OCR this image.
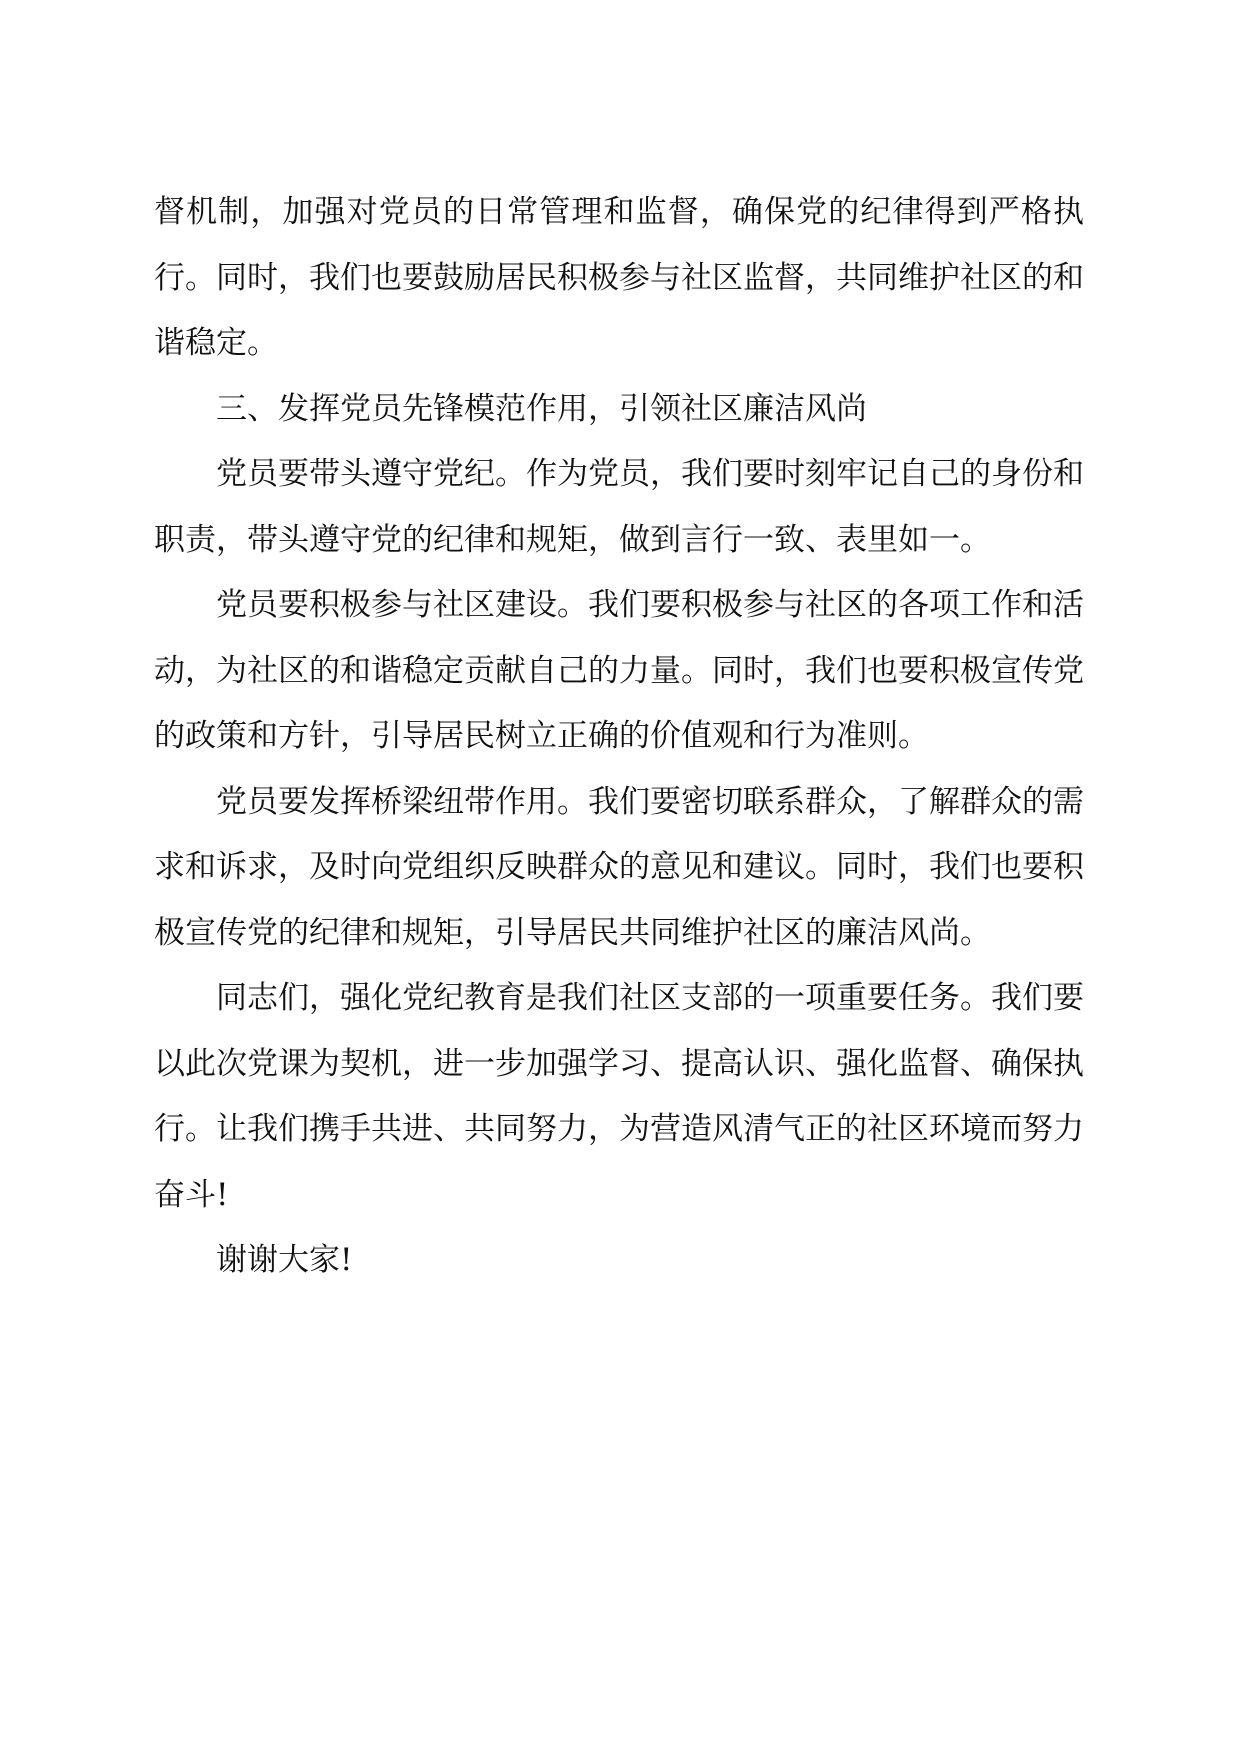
督机制，加强对党员的日常管理和监督，确保党的纪律得到严格执行。同时，我们也要鼓励居民积极参与社区监督，共同维护社区的和谐稳定。

三、发挥党员先锋模范作用，引领社区廉洁风尚

党员要带头遵守党纪。作为党员，我们要时刻牢记自己的身份和职责，带头遵守党的纪律和规矩，做到言行一致、表里如一。

党员要积极参与社区建设。我们要积极参与社区的各项工作和活动，为社区的和谐稳定贡献自己的力量。同时，我们也要积极宣传党的政策和方针，引导居民树立正确的价值观和行为准则。

党员要发挥桥梁纽带作用。我们要密切联系群众，了解群众的需求和诉求，及时向党组织反映群众的意见和建议。同时，我们也要积极宣传党的纪律和规矩，引导居民共同维护社区的廉洁风尚。

同志们，强化党纪教育是我们社区支部的一项重要任务。我们要以此次党课为契机，进一步加强学习、提高认识、强化监督、确保执行。让我们携手共进、共同努力，为营造风清气正的社区环境而努力奋斗!

谢谢大家!
